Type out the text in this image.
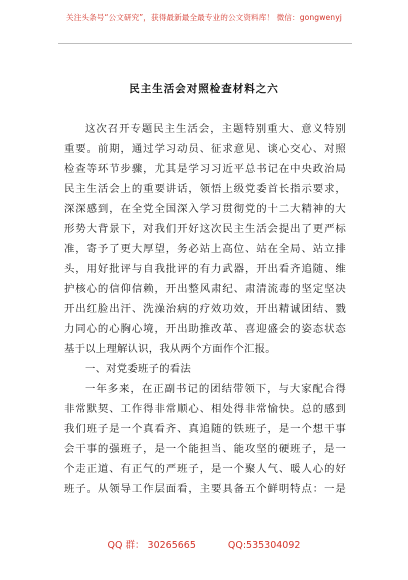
关注头条号“公文研究”，获得最新最全最专业的公文资料库！ 微信：gongwenyj
民主生活会对照检查材料之六
这次召开专题民主生活会，主题特别重大、意义特别
重要。前期，通过学习动员、征求意见、谈心交心、对照
检查等环节步骤，尤其是学习习近平总书记在中央政治局
民主生活会上的重要讲话，领悟上级党委首长指示要求，
深深感到，在全党全国深入学习贯彻党的十二大精神的大
形势大背景下，对我们开好这次民主生活会提出了更严标
准，寄予了更大厚望，务必站上高位、站在全局、站立排
头，用好批评与自我批评的有力武器，开出看齐追随、维
护核心的信仰信赖，开出整风肃纪、肃清流毒的坚定坚决
开出红脸出汗、洗澡治病的疗效功效，开出精诚团结、戮
力同心的心胸心境，开出助推改革、喜迎盛会的姿态状态
基于以上理解认识，我从两个方面作个汇报。
一、对党委班子的看法
一年多来，在正副书记的团结带领下，与大家配合得
非常默契、工作得非常顺心、相处得非常愉快。总的感到
我们班子是一个真看齐、真追随的铁班子，是一个想干事
会干事的强班子，是一个能担当、能攻坚的硬班子，是一
个走正道、有正气的严班子，是一个聚人气、暖人心的好
班子。从领导工作层面看，主要具备五个鲜明特点：一是
QQ 群： 30265665	QQ:535304092
